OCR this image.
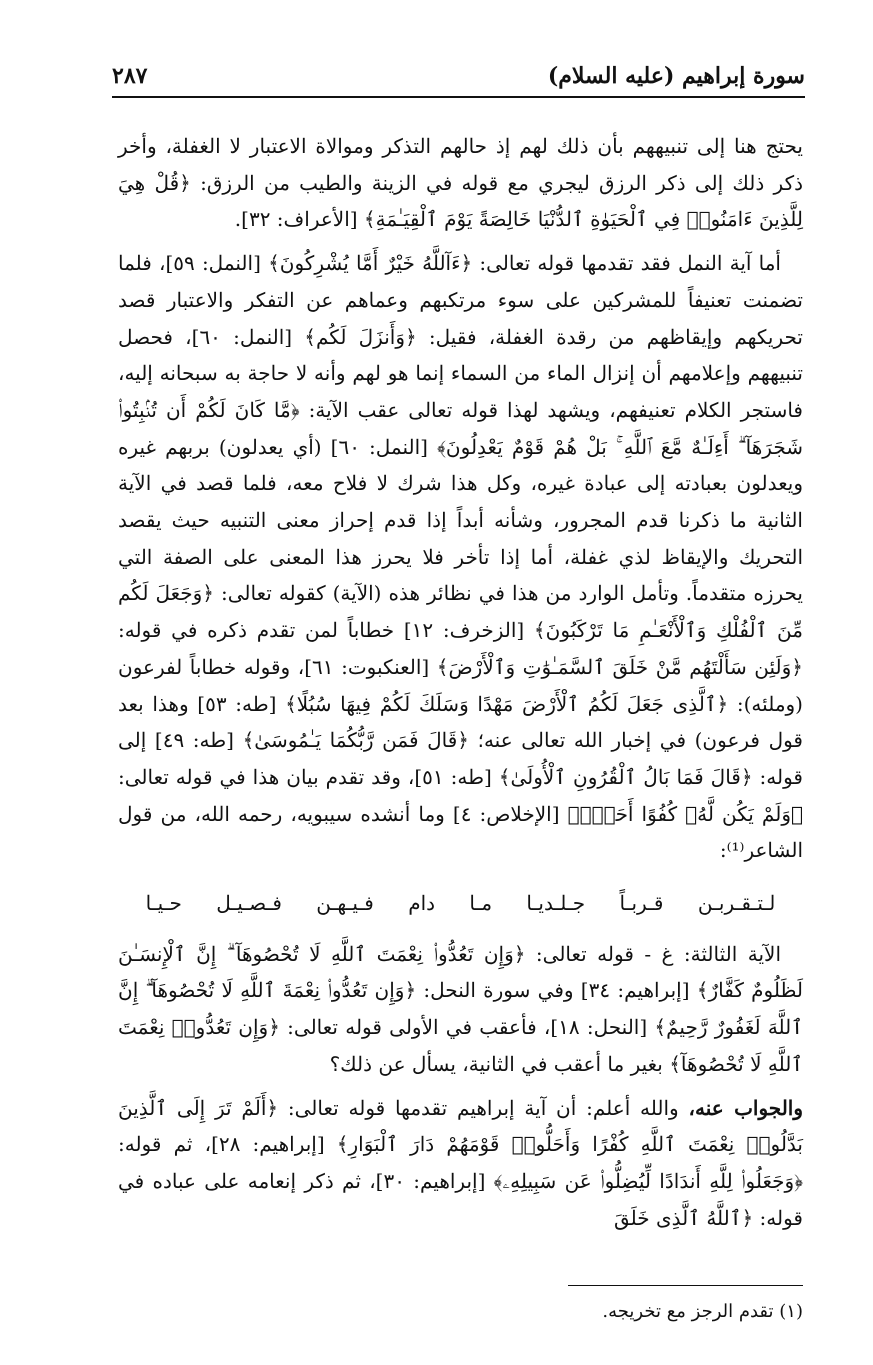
سورة إبراهيم (عليه السلام)
٢٨٧

يحتج هنا إلى تنبيههم بأن ذلك لهم إذ حالهم التذكر وموالاة الاعتبار لا الغفلة، وأخر ذكر ذلك إلى ذكر الرزق ليجري مع قوله في الزينة والطيب من الرزق: ﴿قُلْ هِيَ لِلَّذِينَ ءَامَنُوا۟ فِي ٱلْحَيَوٰةِ ٱلدُّنْيَا خَالِصَةً يَوْمَ ٱلْقِيَـٰمَةِ﴾ [الأعراف: ٣٢].

أما آية النمل فقد تقدمها قوله تعالى: ﴿ءَآللَّهُ خَيْرٌ أَمَّا يُشْرِكُونَ﴾ [النمل: ٥٩]، فلما تضمنت تعنيفاً للمشركين على سوء مرتكبهم وعماهم عن التفكر والاعتبار قصد تحريكهم وإيقاظهم من رقدة الغفلة، فقيل: ﴿وَأَنزَلَ لَكُم﴾ [النمل: ٦٠]، فحصل تنبيههم وإعلامهم أن إنزال الماء من السماء إنما هو لهم وأنه لا حاجة به سبحانه إليه، فاستجر الكلام تعنيفهم، ويشهد لهذا قوله تعالى عقب الآية: ﴿مَّا كَانَ لَكُمْ أَن تُنۢبِتُوا۟ شَجَرَهَآ ۗ أَءِلَـٰهٌ مَّعَ ٱللَّهِ ۚ بَلْ هُمْ قَوْمٌ يَعْدِلُونَ﴾ [النمل: ٦٠] (أي يعدلون) بربهم غيره ويعدلون بعبادته إلى عبادة غيره، وكل هذا شرك لا فلاح معه، فلما قصد في الآية الثانية ما ذكرنا قدم المجرور، وشأنه أبداً إذا قدم إحراز معنى التنبيه حيث يقصد التحريك والإيقاظ لذي غفلة، أما إذا تأخر فلا يحرز هذا المعنى على الصفة التي يحرزه متقدماً. وتأمل الوارد من هذا في نظائر هذه (الآية) كقوله تعالى: ﴿وَجَعَلَ لَكُم مِّنَ ٱلْفُلْكِ وَٱلْأَنْعَـٰمِ مَا تَرْكَبُونَ﴾ [الزخرف: ١٢] خطاباً لمن تقدم ذكره في قوله: ﴿وَلَئِن سَأَلْتَهُم مَّنْ خَلَقَ ٱلسَّمَـٰوَٰتِ وَٱلْأَرْضَ﴾ [العنكبوت: ٦١]، وقوله خطاباً لفرعون (وملئه): ﴿ٱلَّذِى جَعَلَ لَكُمُ ٱلْأَرْضَ مَهْدًا وَسَلَكَ لَكُمْ فِيهَا سُبُلًا﴾ [طه: ٥٣] وهذا بعد قول فرعون) في إخبار الله تعالى عنه؛ ﴿قَالَ فَمَن رَّبُّكُمَا يَـٰمُوسَىٰ﴾ [طه: ٤٩] إلى قوله: ﴿قَالَ فَمَا بَالُ ٱلْقُرُونِ ٱلْأُولَىٰ﴾ [طه: ٥١]، وقد تقدم بيان هذا في قوله تعالى: ﴿وَلَمْ يَكُن لَّهُۥ كُفُوًا أَحَدٌۢ﴾ [الإخلاص: ٤] وما أنشده سيبويه، رحمه الله، من قول الشاعر⁽¹⁾:

لـتـقـربـن قـربـاً جـلـديـا مـا دام فـيـهـن فـصـيـل حـيـا

الآية الثالثة: غ - قوله تعالى: ﴿وَإِن تَعُدُّوا۟ نِعْمَتَ ٱللَّهِ لَا تُحْصُوهَآ ۗ إِنَّ ٱلْإِنسَـٰنَ لَظَلُومٌ كَفَّارٌ﴾ [إبراهيم: ٣٤] وفي سورة النحل: ﴿وَإِن تَعُدُّوا۟ نِعْمَةَ ٱللَّهِ لَا تُحْصُوهَآ ۗ إِنَّ ٱللَّهَ لَغَفُورٌ رَّحِيمٌ﴾ [النحل: ١٨]، فأعقب في الأولى قوله تعالى: ﴿وَإِن تَعُدُّوا۟ نِعْمَتَ ٱللَّهِ لَا تُحْصُوهَآ﴾ بغير ما أعقب في الثانية، يسأل عن ذلك؟

والجواب عنه، والله أعلم: أن آية إبراهيم تقدمها قوله تعالى: ﴿أَلَمْ تَرَ إِلَى ٱلَّذِينَ بَدَّلُوا۟ نِعْمَتَ ٱللَّهِ كُفْرًا وَأَحَلُّوا۟ قَوْمَهُمْ دَارَ ٱلْبَوَارِ﴾ [إبراهيم: ٢٨]، ثم قوله: ﴿وَجَعَلُوا۟ لِلَّهِ أَندَادًا لِّيُضِلُّوا۟ عَن سَبِيلِهِۦ﴾ [إبراهيم: ٣٠]، ثم ذكر إنعامه على عباده في قوله: ﴿ٱللَّهُ ٱلَّذِى خَلَقَ

(١) تقدم الرجز مع تخريجه.
